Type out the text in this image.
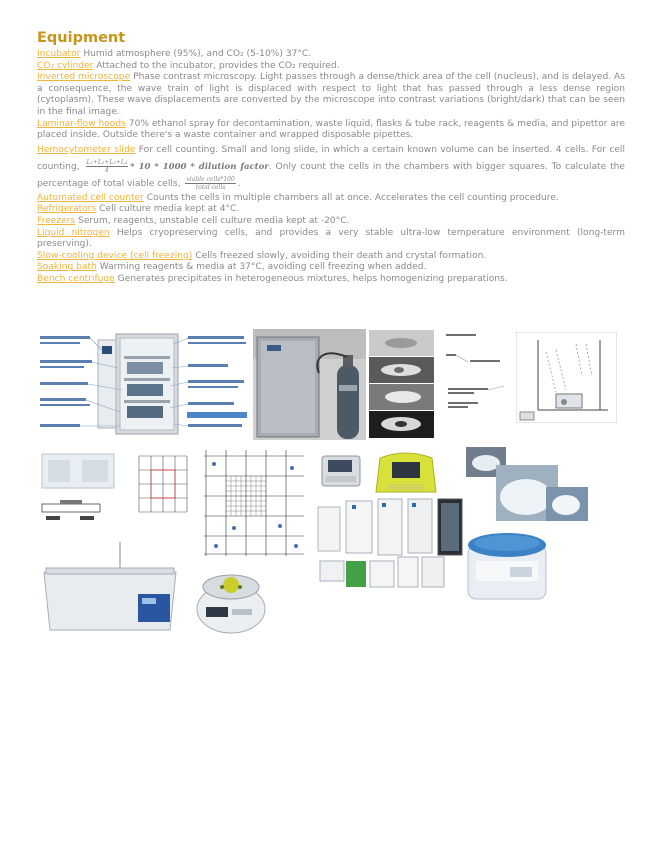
Equipment

Incubator Humid atmosphere (95%), and CO₂ (5-10%) 37°C.

CO₂ cylinder Attached to the incubator, provides the CO₂ required.

Inverted microscope Phase contrast microscopy. Light passes through a dense/thick area of the cell (nucleus), and is delayed. As a consequence, the wave train of light is displaced with respect to light that has passed through a less dense region (cytoplasm). These wave displacements are converted by the microscope into contrast variations (bright/dark) that can be seen in the final image.

Laminar-flow hoods 70% ethanol spray for decontamination, waste liquid, flasks & tube rack, reagents & media, and pipettor are placed inside. Outside there's a waste container and wrapped disposable pipettes.

Hemocytometer slide For cell counting. Small and long slide, in which a certain known volume can be inserted. 4 cells. For cell counting, $\frac{\text{L₁+L₂+L₃+L₄}}{4} * 10 * 1000$ * dilution factor. Only count the cells in the chambers with bigger squares. To calculate the percentage of total viable cells, $\frac{\text{viable cells*100}}{\text{total cells}}$ .

Automated cell counter Counts the cells in multiple chambers all at once. Accelerates the cell counting procedure.

Refrigerators Cell culture media kept at 4°C.

Freezers Serum, reagents, unstable cell culture media kept at -20°C.

Liquid nitrogen Helps cryopreserving cells, and provides a very stable ultra-low temperature environment (long-term preserving).

Slow-cooling device (cell freezing) Cells freezed slowly, avoiding their death and crystal formation.

Soaking bath Warming reagents & media at 37°C, avoiding cell freezing when added.

Bench centrifuge Generates precipitates in heterogeneous mixtures, helps homogenizing preparations.
